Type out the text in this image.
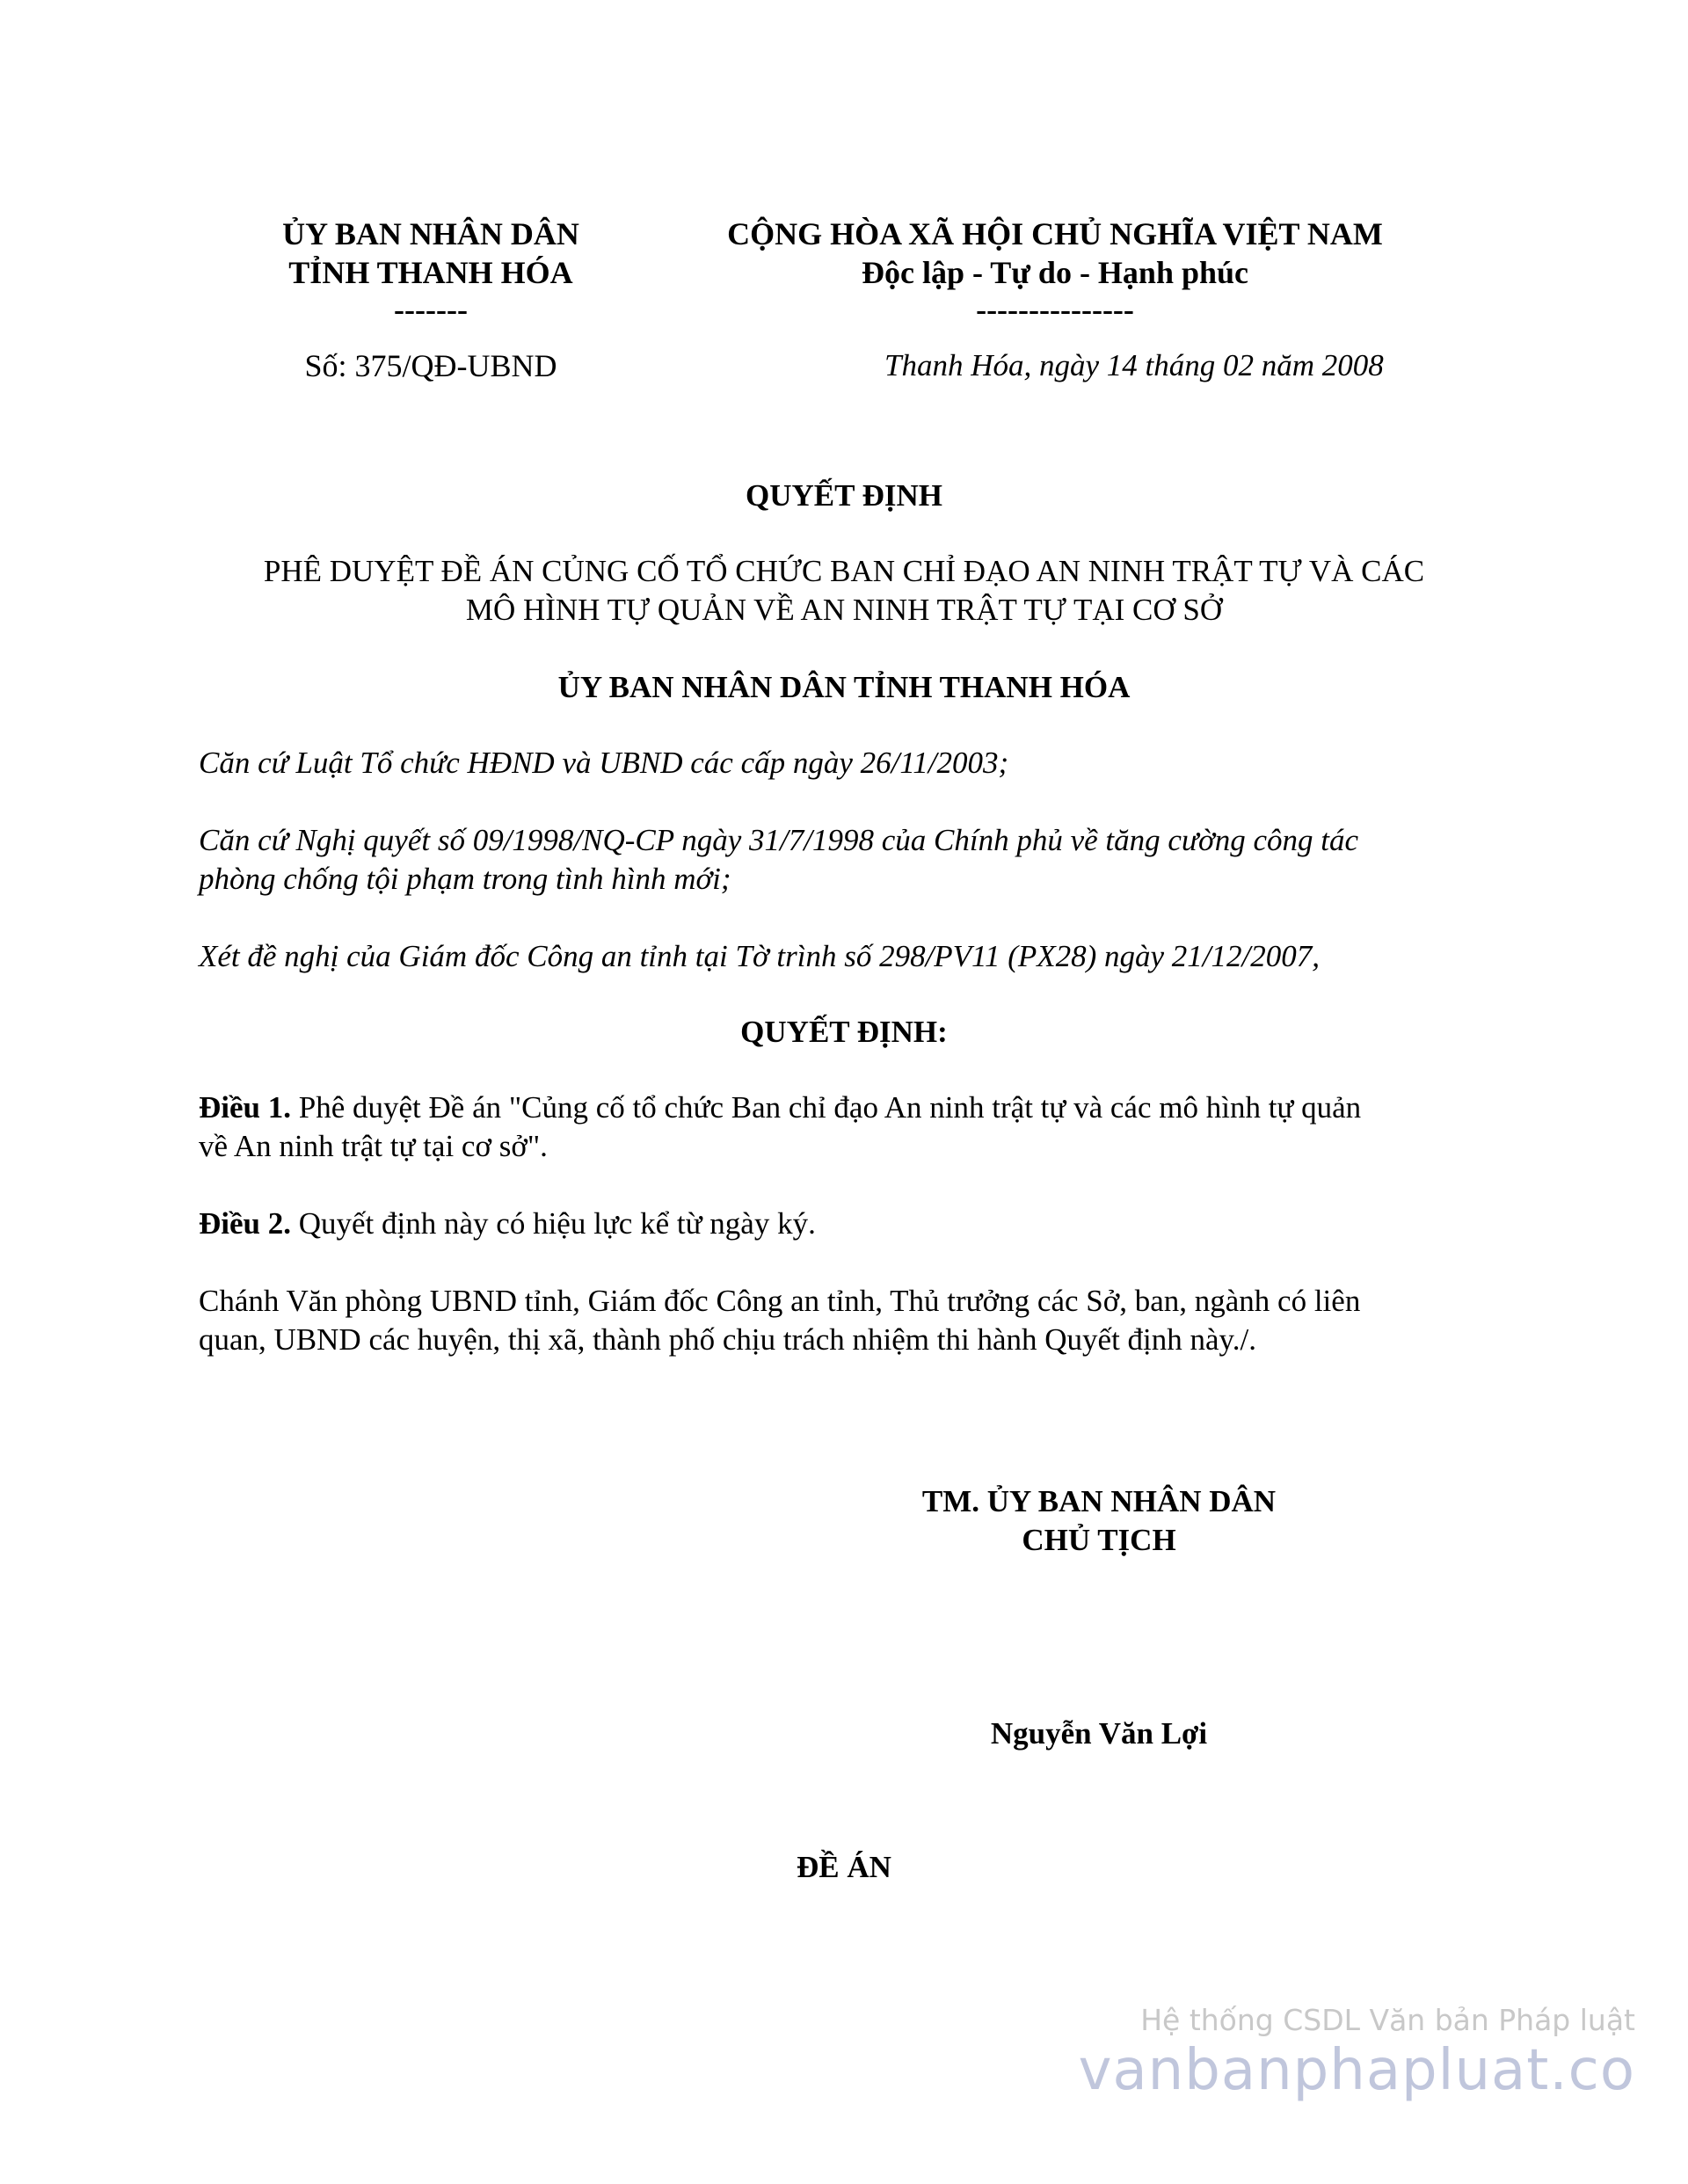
ỦY BAN NHÂN DÂN
TỈNH THANH HÓA
-------
Số: 375/QĐ-UBND
CỘNG HÒA XÃ HỘI CHỦ NGHĨA VIỆT NAM
Độc lập - Tự do - Hạnh phúc
---------------
Thanh Hóa, ngày 14 tháng 02 năm 2008
QUYẾT ĐỊNH
PHÊ DUYỆT ĐỀ ÁN CỦNG CỐ TỔ CHỨC BAN CHỈ ĐẠO AN NINH TRẬT TỰ VÀ CÁC
MÔ HÌNH TỰ QUẢN VỀ AN NINH TRẬT TỰ TẠI CƠ SỞ
ỦY BAN NHÂN DÂN TỈNH THANH HÓA
Căn cứ Luật Tổ chức HĐND và UBND các cấp ngày 26/11/2003;
Căn cứ Nghị quyết số 09/1998/NQ-CP ngày 31/7/1998 của Chính phủ về tăng cường công tác
phòng chống tội phạm trong tình hình mới;
Xét đề nghị của Giám đốc Công an tỉnh tại Tờ trình số 298/PV11 (PX28) ngày 21/12/2007,
QUYẾT ĐỊNH:
Điều 1. Phê duyệt Đề án "Củng cố tổ chức Ban chỉ đạo An ninh trật tự và các mô hình tự quản
về An ninh trật tự tại cơ sở".
Điều 2. Quyết định này có hiệu lực kể từ ngày ký.
Chánh Văn phòng UBND tỉnh, Giám đốc Công an tỉnh, Thủ trưởng các Sở, ban, ngành có liên
quan, UBND các huyện, thị xã, thành phố chịu trách nhiệm thi hành Quyết định này./.
TM. ỦY BAN NHÂN DÂN
CHỦ TỊCH
Nguyễn Văn Lợi
ĐỀ ÁN
Hệ thống CSDL Văn bản Pháp luật
vanbanphapluat.co
